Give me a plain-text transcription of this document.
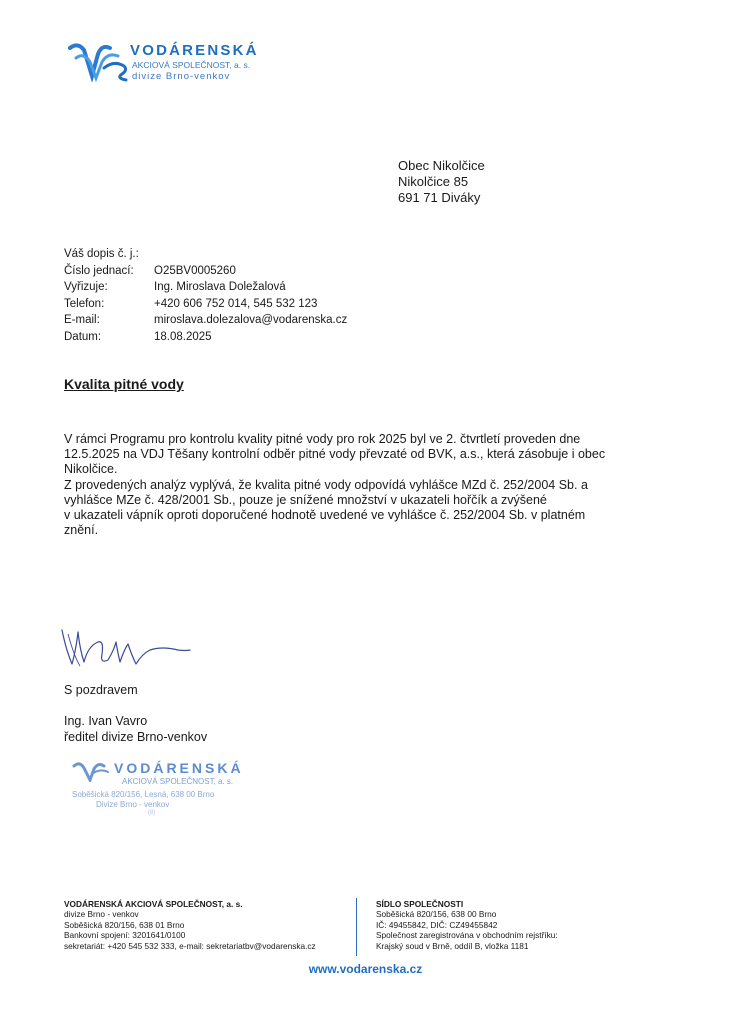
VODÁRENSKÁ
AKCIOVÁ SPOLEČNOST, a. s.
divize Brno-venkov
Obec Nikolčice
Nikolčice 85
691 71 Diváky
Váš dopis č. j.:
Číslo jednací:	O25BV0005260
Vyřizuje:	Ing. Miroslava Doležalová
Telefon:	+420 606 752 014, 545 532 123
E-mail:	miroslava.dolezalova@vodarenska.cz
Datum:	18.08.2025
Kvalita pitné vody
V rámci Programu pro kontrolu kvality pitné vody pro rok 2025 byl ve 2. čtvrtletí proveden dne
12.5.2025 na VDJ Těšany kontrolní odběr pitné vody převzaté od BVK, a.s., která zásobuje i obec
Nikolčice.
Z provedených analýz vyplývá, že kvalita pitné vody odpovídá vyhlášce MZd č. 252/2004 Sb. a
vyhlášce MZe č. 428/2001 Sb., pouze je snížené množství v ukazateli hořčík a zvýšené
v ukazateli vápník oproti doporučené hodnotě uvedené ve vyhlášce č. 252/2004 Sb. v platném
znění.
S pozdravem
Ing. Ivan Vavro
ředitel divize Brno-venkov
VODÁRENSKÁ
AKCIOVÁ SPOLEČNOST, a. s.
Soběšická 820/156, Lesná, 638 00 Brno
Divize Brno - venkov
(8)
VODÁRENSKÁ AKCIOVÁ SPOLEČNOST, a. s.
divize Brno - venkov
Soběšická 820/156, 638 01 Brno
Bankovní spojení: 3201641/0100
sekretariát: +420 545 532 333, e-mail: sekretariatbv@vodarenska.cz
SÍDLO SPOLEČNOSTI
Soběšická 820/156, 638 00 Brno
IČ: 49455842, DIČ: CZ49455842
Společnost zaregistrována v obchodním rejstříku:
Krajský soud v Brně, oddíl B, vložka 1181
www.vodarenska.cz
